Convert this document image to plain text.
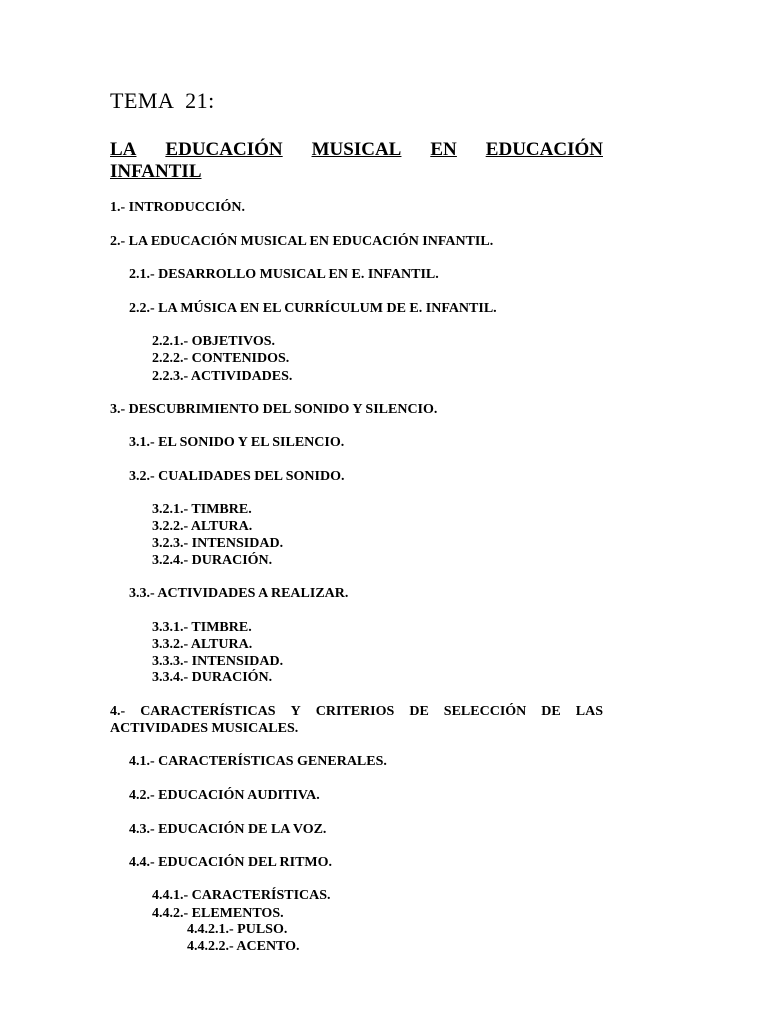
TEMA  21:
LA EDUCACIÓN MUSICAL EN EDUCACIÓN
INFANTIL

1.- INTRODUCCIÓN.

2.- LA EDUCACIÓN MUSICAL EN EDUCACIÓN INFANTIL.

2.1.- DESARROLLO MUSICAL EN E. INFANTIL.

2.2.- LA MÚSICA EN EL CURRÍCULUM DE E. INFANTIL.

2.2.1.- OBJETIVOS.

2.2.2.- CONTENIDOS.

2.2.3.- ACTIVIDADES.

3.- DESCUBRIMIENTO DEL SONIDO Y SILENCIO.

3.1.- EL SONIDO Y EL SILENCIO.

3.2.- CUALIDADES DEL SONIDO.

3.2.1.- TIMBRE.

3.2.2.- ALTURA.

3.2.3.- INTENSIDAD.

3.2.4.- DURACIÓN.

3.3.- ACTIVIDADES A REALIZAR.

3.3.1.- TIMBRE.

3.3.2.- ALTURA.

3.3.3.- INTENSIDAD.

3.3.4.- DURACIÓN.

4.- CARACTERÍSTICAS Y CRITERIOS DE SELECCIÓN DE LAS
ACTIVIDADES MUSICALES.

4.1.- CARACTERÍSTICAS GENERALES.

4.2.- EDUCACIÓN AUDITIVA.

4.3.- EDUCACIÓN DE LA VOZ.

4.4.- EDUCACIÓN DEL RITMO.

4.4.1.- CARACTERÍSTICAS.

4.4.2.- ELEMENTOS.

4.4.2.1.- PULSO.

4.4.2.2.- ACENTO.
